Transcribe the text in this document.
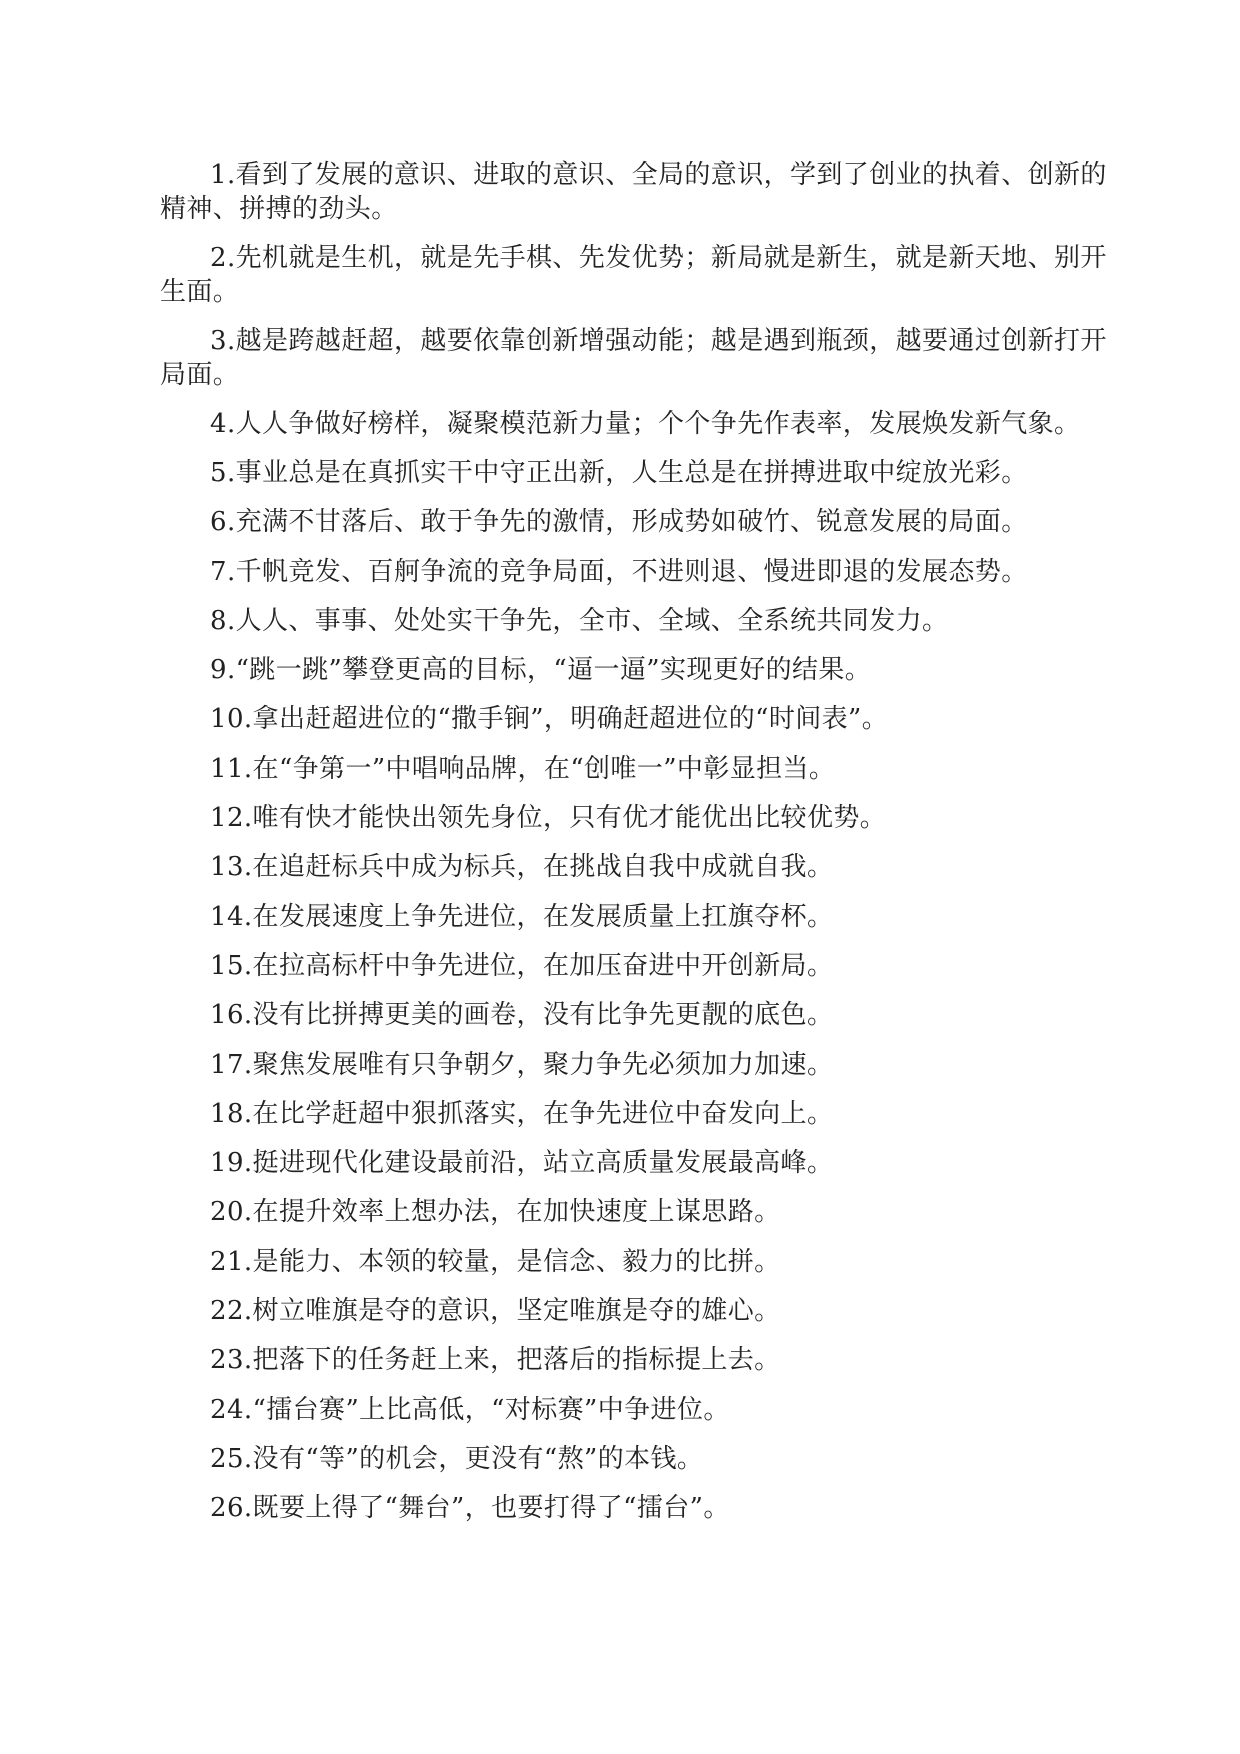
1.看到了发展的意识、进取的意识、全局的意识，学到了创业的执着、创新的精神、拼搏的劲头。

2.先机就是生机，就是先手棋、先发优势；新局就是新生，就是新天地、别开生面。

3.越是跨越赶超，越要依靠创新增强动能；越是遇到瓶颈，越要通过创新打开局面。

4.人人争做好榜样，凝聚模范新力量；个个争先作表率，发展焕发新气象。

5.事业总是在真抓实干中守正出新，人生总是在拼搏进取中绽放光彩。

6.充满不甘落后、敢于争先的激情，形成势如破竹、锐意发展的局面。

7.千帆竞发、百舸争流的竞争局面，不进则退、慢进即退的发展态势。

8.人人、事事、处处实干争先，全市、全域、全系统共同发力。

9.“跳一跳”攀登更高的目标，“逼一逼”实现更好的结果。

10.拿出赶超进位的“撒手锏”，明确赶超进位的“时间表”。

11.在“争第一”中唱响品牌，在“创唯一”中彰显担当。

12.唯有快才能快出领先身位，只有优才能优出比较优势。

13.在追赶标兵中成为标兵，在挑战自我中成就自我。

14.在发展速度上争先进位，在发展质量上扛旗夺杯。

15.在拉高标杆中争先进位，在加压奋进中开创新局。

16.没有比拼搏更美的画卷，没有比争先更靓的底色。

17.聚焦发展唯有只争朝夕，聚力争先必须加力加速。

18.在比学赶超中狠抓落实，在争先进位中奋发向上。

19.挺进现代化建设最前沿，站立高质量发展最高峰。

20.在提升效率上想办法，在加快速度上谋思路。

21.是能力、本领的较量，是信念、毅力的比拼。

22.树立唯旗是夺的意识，坚定唯旗是夺的雄心。

23.把落下的任务赶上来，把落后的指标提上去。

24.“擂台赛”上比高低，“对标赛”中争进位。

25.没有“等”的机会，更没有“熬”的本钱。

26.既要上得了“舞台”，也要打得了“擂台”。
